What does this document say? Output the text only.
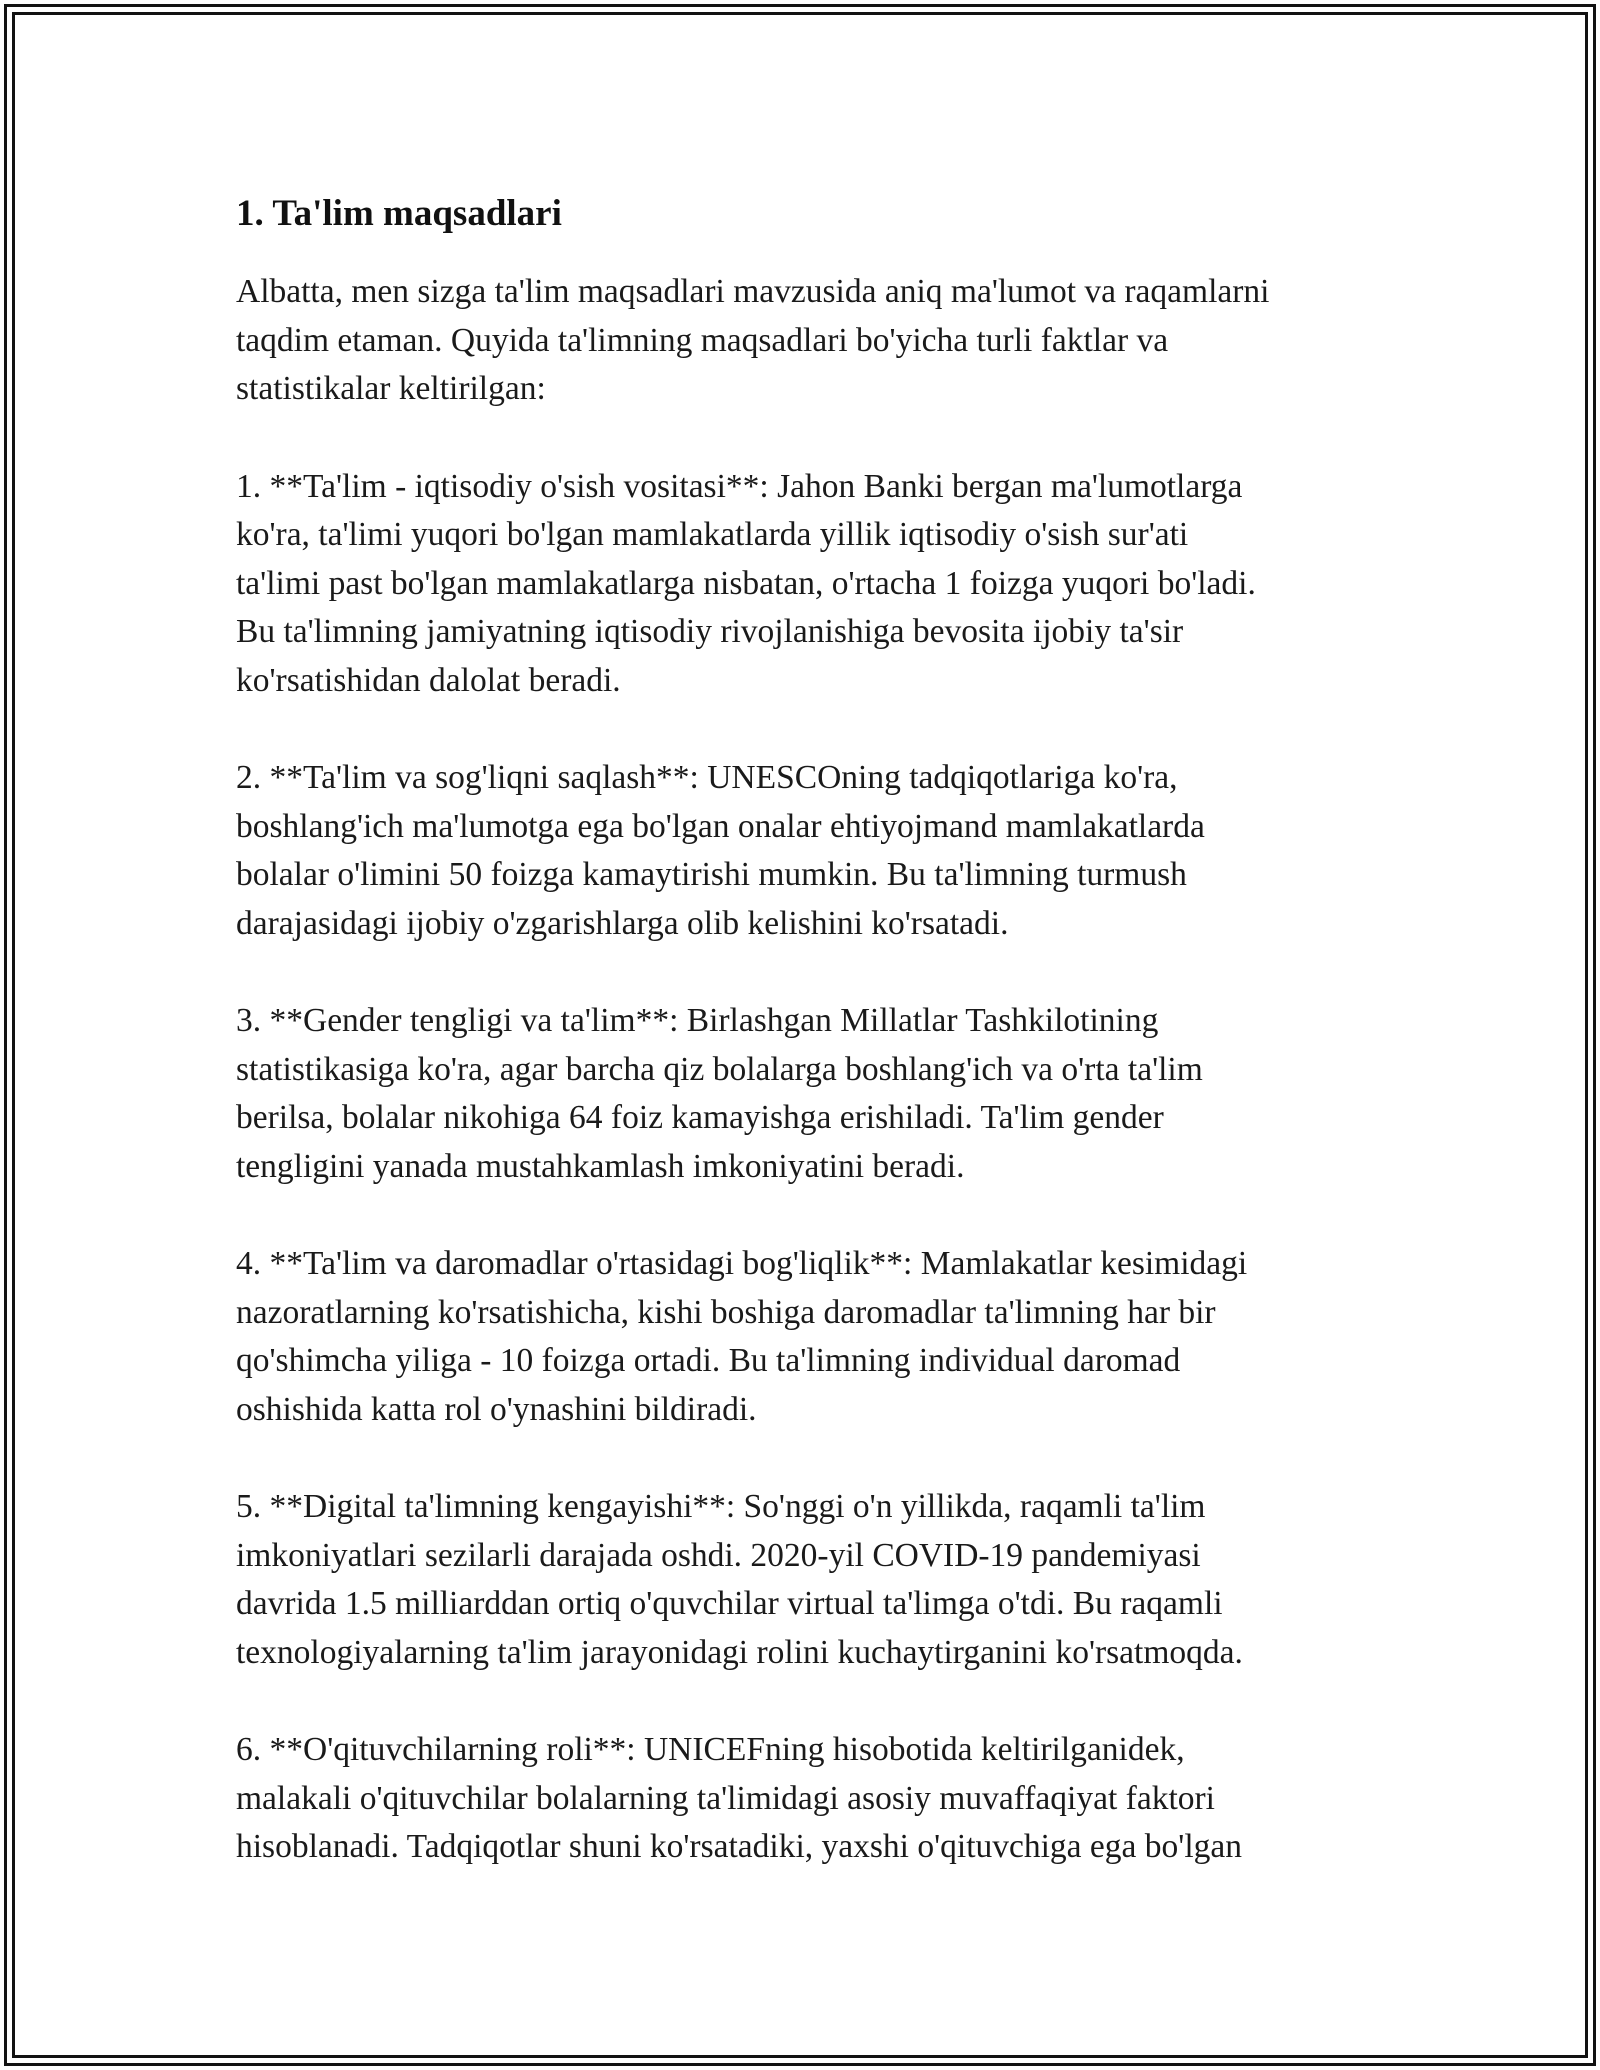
1. Ta'lim maqsadlari

Albatta, men sizga ta'lim maqsadlari mavzusida aniq ma'lumot va raqamlarni
taqdim etaman. Quyida ta'limning maqsadlari bo'yicha turli faktlar va
statistikalar keltirilgan:

1. **Ta'lim - iqtisodiy o'sish vositasi**: Jahon Banki bergan ma'lumotlarga
ko'ra, ta'limi yuqori bo'lgan mamlakatlarda yillik iqtisodiy o'sish sur'ati
ta'limi past bo'lgan mamlakatlarga nisbatan, o'rtacha 1 foizga yuqori bo'ladi.
Bu ta'limning jamiyatning iqtisodiy rivojlanishiga bevosita ijobiy ta'sir
ko'rsatishidan dalolat beradi.

2. **Ta'lim va sog'liqni saqlash**: UNESCOning tadqiqotlariga ko'ra,
boshlang'ich ma'lumotga ega bo'lgan onalar ehtiyojmand mamlakatlarda
bolalar o'limini 50 foizga kamaytirishi mumkin. Bu ta'limning turmush
darajasidagi ijobiy o'zgarishlarga olib kelishini ko'rsatadi.

3. **Gender tengligi va ta'lim**: Birlashgan Millatlar Tashkilotining
statistikasiga ko'ra, agar barcha qiz bolalarga boshlang'ich va o'rta ta'lim
berilsa, bolalar nikohiga 64 foiz kamayishga erishiladi. Ta'lim gender
tengligini yanada mustahkamlash imkoniyatini beradi.

4. **Ta'lim va daromadlar o'rtasidagi bog'liqlik**: Mamlakatlar kesimidagi
nazoratlarning ko'rsatishicha, kishi boshiga daromadlar ta'limning har bir
qo'shimcha yiliga - 10 foizga ortadi. Bu ta'limning individual daromad
oshishida katta rol o'ynashini bildiradi.

5. **Digital ta'limning kengayishi**: So'nggi o'n yillikda, raqamli ta'lim
imkoniyatlari sezilarli darajada oshdi. 2020-yil COVID-19 pandemiyasi
davrida 1.5 milliarddan ortiq o'quvchilar virtual ta'limga o'tdi. Bu raqamli
texnologiyalarning ta'lim jarayonidagi rolini kuchaytirganini ko'rsatmoqda.

6. **O'qituvchilarning roli**: UNICEFning hisobotida keltirilganidek,
malakali o'qituvchilar bolalarning ta'limidagi asosiy muvaffaqiyat faktori
hisoblanadi. Tadqiqotlar shuni ko'rsatadiki, yaxshi o'qituvchiga ega bo'lgan
